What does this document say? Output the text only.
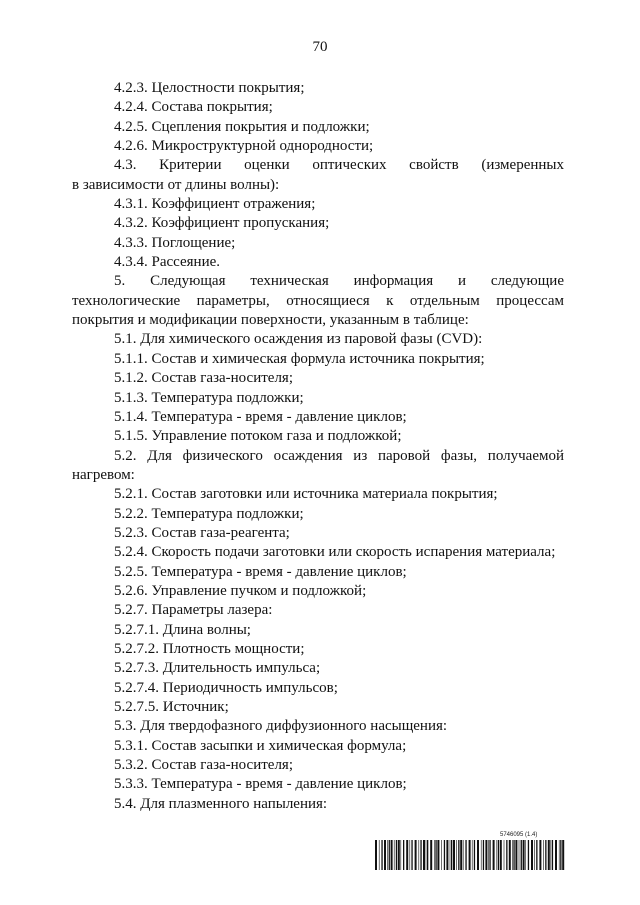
70
4.2.3. Целостности покрытия;
4.2.4. Состава покрытия;
4.2.5. Сцепления покрытия и подложки;
4.2.6. Микроструктурной однородности;
4.3. Критерии оценки оптических свойств (измеренных
в зависимости от длины волны):
4.3.1. Коэффициент отражения;
4.3.2. Коэффициент пропускания;
4.3.3. Поглощение;
4.3.4. Рассеяние.
5. Следующая техническая информация и следующие
технологические параметры, относящиеся к отдельным процессам
покрытия и модификации поверхности, указанным в таблице:
5.1. Для химического осаждения из паровой фазы (CVD):
5.1.1. Состав и химическая формула источника покрытия;
5.1.2. Состав газа-носителя;
5.1.3. Температура подложки;
5.1.4. Температура - время - давление циклов;
5.1.5. Управление потоком газа и подложкой;
5.2. Для физического осаждения из паровой фазы, получаемой
нагревом:
5.2.1. Состав заготовки или источника материала покрытия;
5.2.2. Температура подложки;
5.2.3. Состав газа-реагента;
5.2.4. Скорость подачи заготовки или скорость испарения материала;
5.2.5. Температура - время - давление циклов;
5.2.6. Управление пучком и подложкой;
5.2.7. Параметры лазера:
5.2.7.1. Длина волны;
5.2.7.2. Плотность мощности;
5.2.7.3. Длительность импульса;
5.2.7.4. Периодичность импульсов;
5.2.7.5. Источник;
5.3. Для твердофазного диффузионного насыщения:
5.3.1. Состав засыпки и химическая формула;
5.3.2. Состав газа-носителя;
5.3.3. Температура - время - давление циклов;
5.4. Для плазменного напыления:
5746095 (1.4)
